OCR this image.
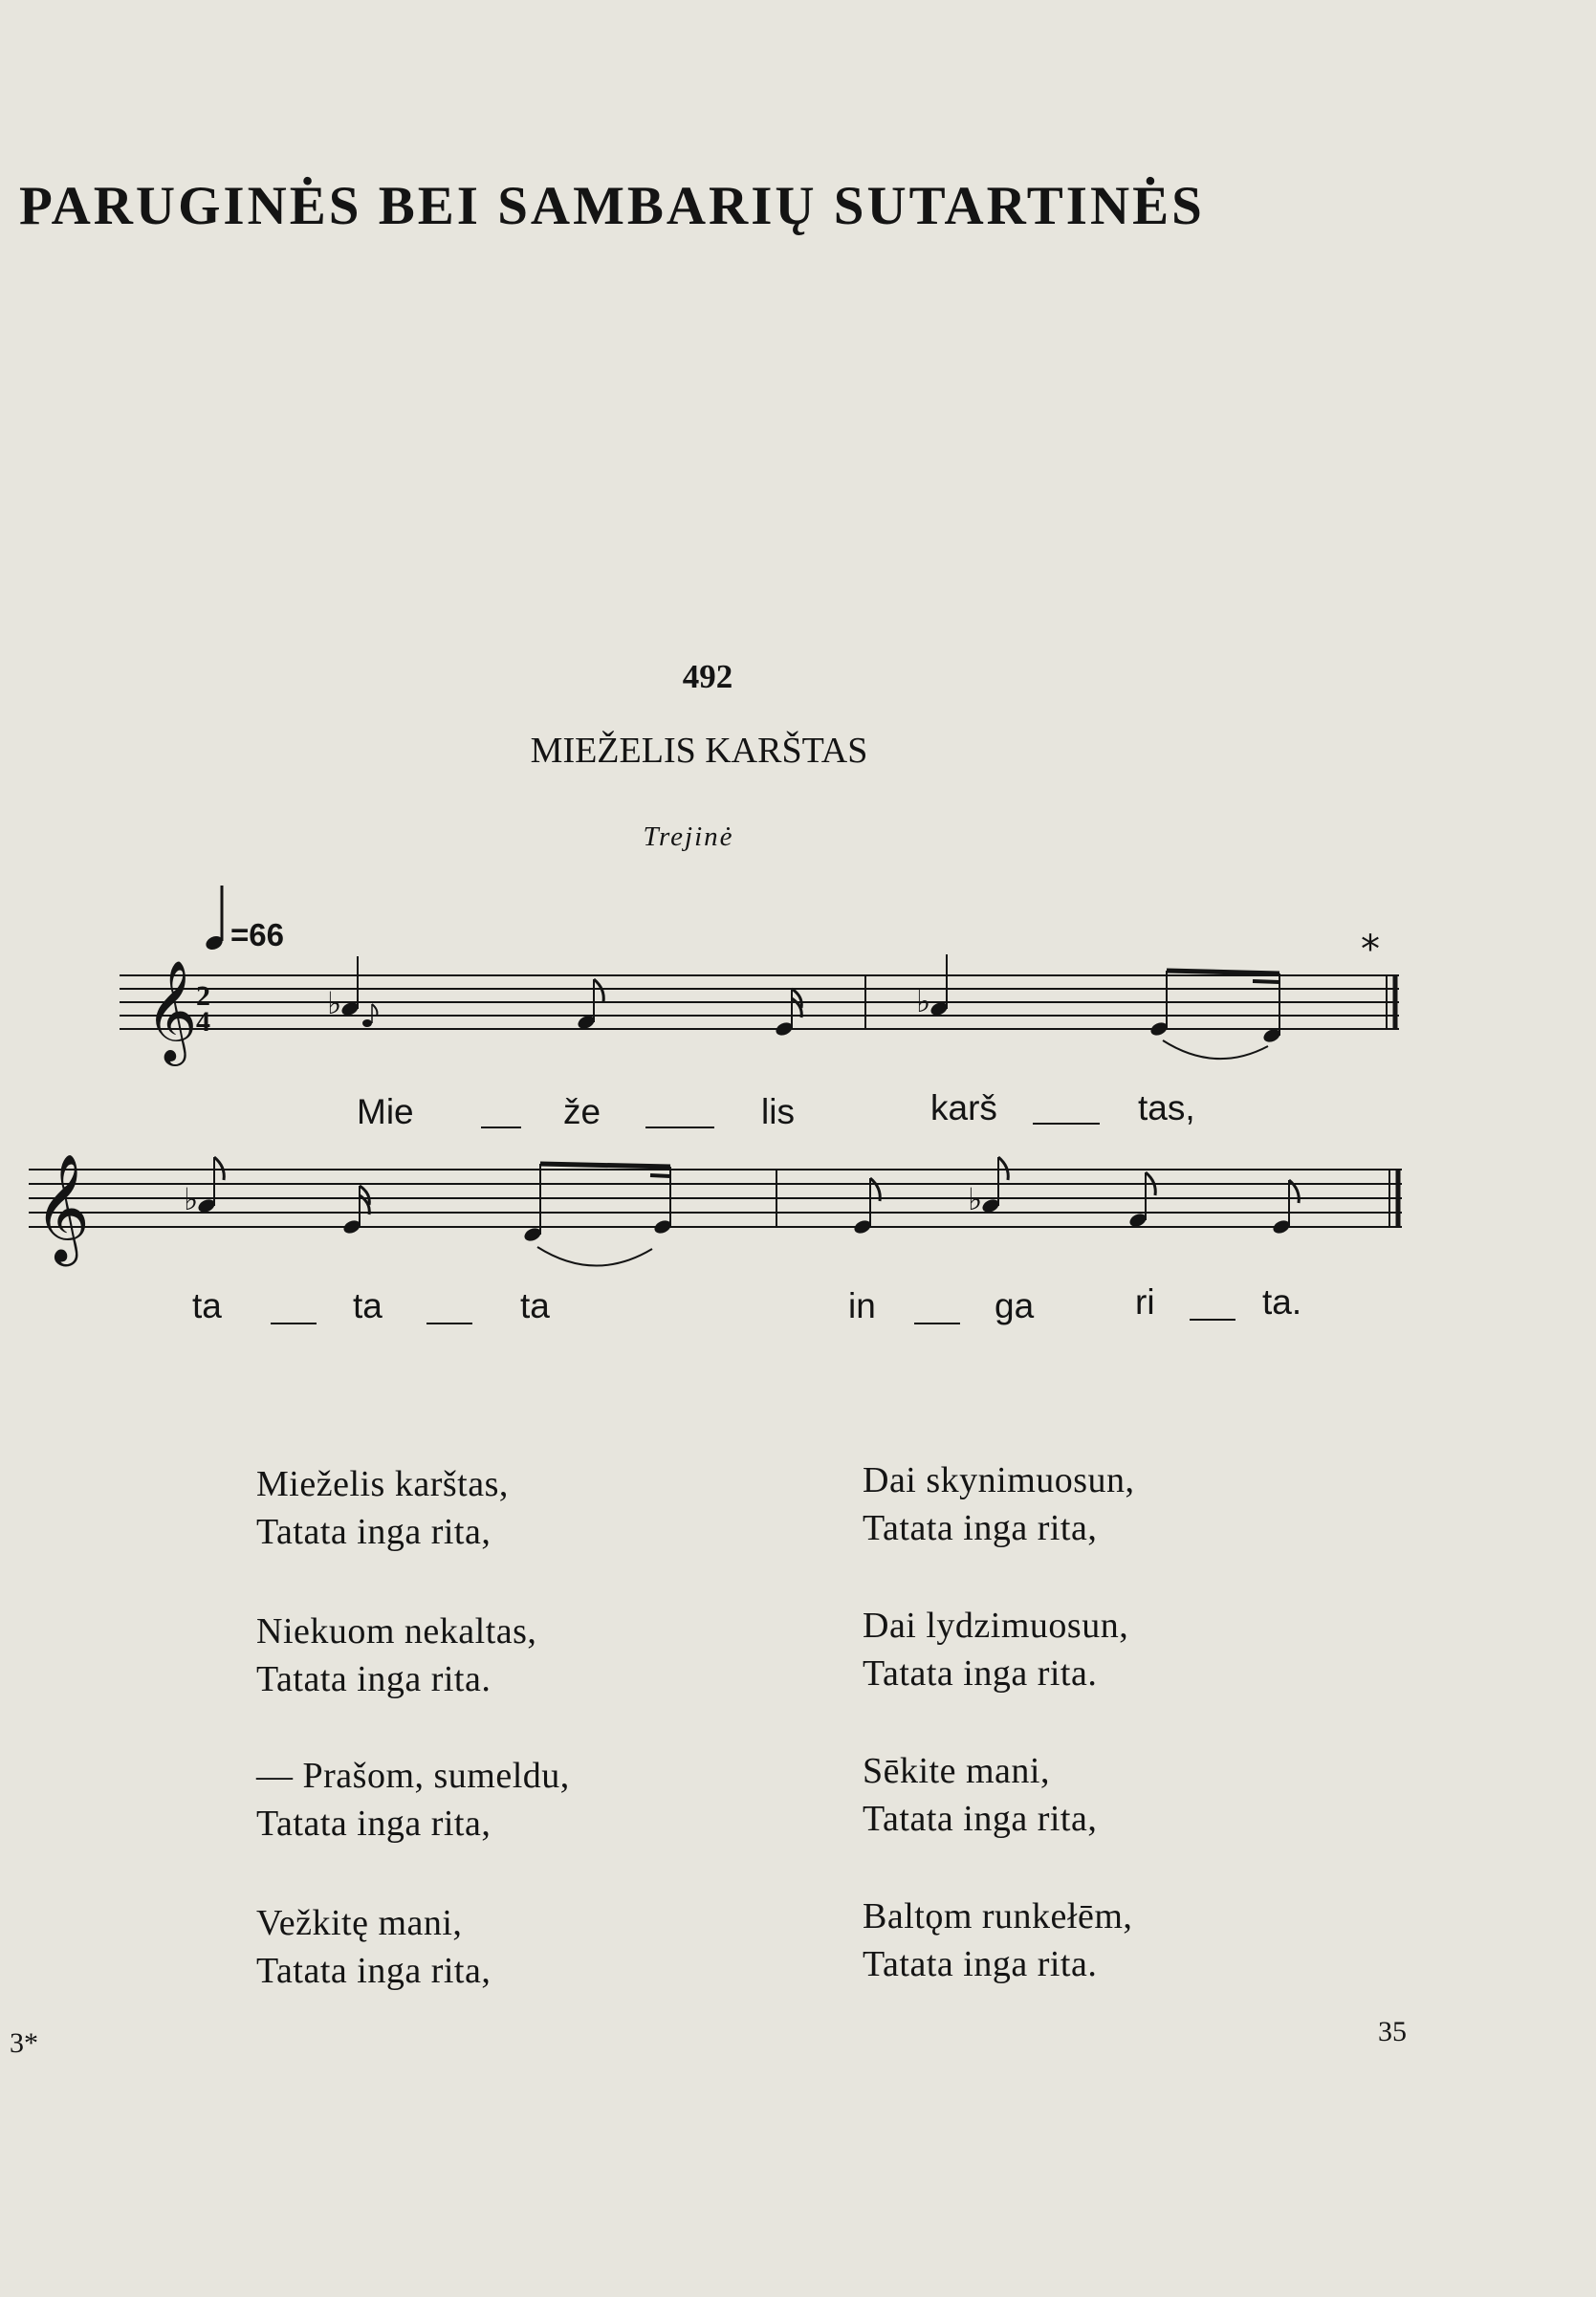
PARUGINĖS BEI SAMBARIŲ SUTARTINĖS
492
MIEŽELIS KARŠTAS
Trejinė
=66	*
𝄞
2
4
♭	♭
Mie	že	lis	karš	tas,
𝄞	♭	♭
ta	ta	ta	in	ga	ri	ta.
Mieželis karštas,
Tatata inga rita,
Niekuom nekaltas,
Tatata inga rita.
— Prašom, sumeldu,
Tatata inga rita,
Vežkitę mani,
Tatata inga rita,
Dai skynimuosun,
Tatata inga rita,
Dai lydzimuosun,
Tatata inga rita.
Sēkite mani,
Tatata inga rita,
Baltǫm runkełēm,
Tatata inga rita.
3*	35
